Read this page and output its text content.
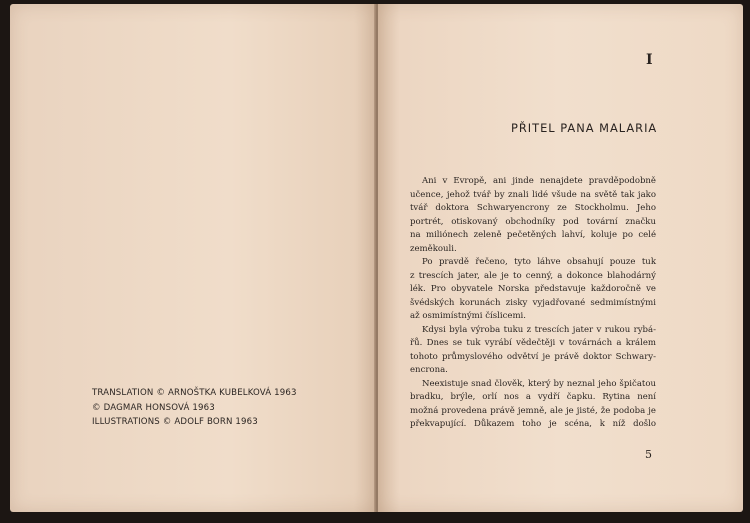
TRANSLATION © ARNOŠTKA KUBELKOVÁ 1963
© DAGMAR HONSOVÁ 1963
ILLUSTRATIONS © ADOLF BORN 1963
I
PŘITEL PANA MALARIA
Ani v Evropě, ani jinde nenajdete pravděpodobně
učence, jehož tvář by znali lidé všude na světě tak jako
tvář doktora Schwaryencrony ze Stockholmu. Jeho
portrét, otiskovaný obchodníky pod tovární značku
na miliónech zeleně pečetěných lahví, koluje po celé
zeměkouli.
Po pravdě řečeno, tyto láhve obsahují pouze tuk
z trescích jater, ale je to cenný, a dokonce blahodárný
lék. Pro obyvatele Norska představuje každoročně ve
švédských korunách zisky vyjadřované sedmimístnými
až osmimístnými číslicemi.
Kdysi byla výroba tuku z trescích jater v rukou rybá-
řů. Dnes se tuk vyrábí vědečtěji v továrnách a králem
tohoto průmyslového odvětví je právě doktor Schwary-
encrona.
Neexistuje snad člověk, který by neznal jeho špičatou
bradku, brýle, orlí nos a vydří čapku. Rytina není
možná provedena právě jemně, ale je jisté, že podoba je
překvapující. Důkazem toho je scéna, k níž došlo
5
